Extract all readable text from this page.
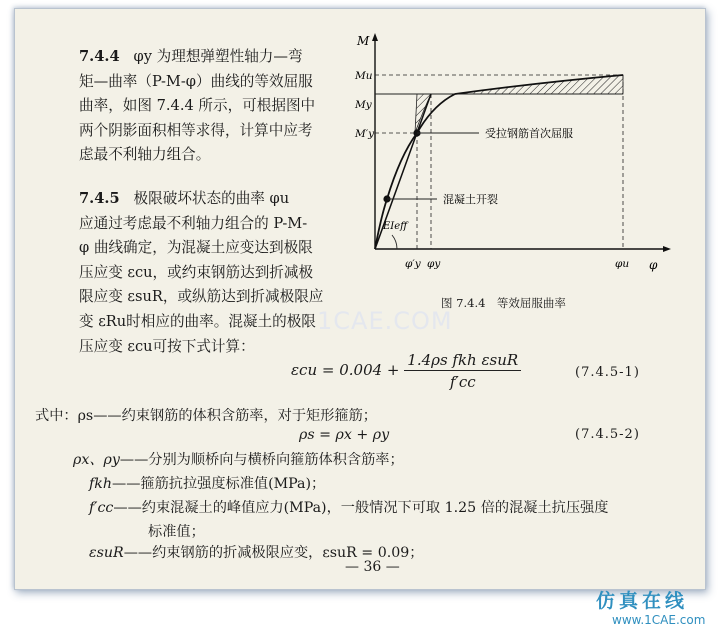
7.4.4 φy 为理想弹塑性轴力—弯
矩—曲率（P-M-φ）曲线的等效屈服
曲率，如图 7.4.4 所示，可根据图中
两个阴影面积相等求得，计算中应考
虑最不利轴力组合。
7.4.5 极限破坏状态的曲率 φu
应通过考虑最不利轴力组合的 P-M-
φ 曲线确定，为混凝土应变达到极限
压应变 εcu，或约束钢筋达到折减极
限应变 εsuR，或纵筋达到折减极限应
变 εRu时相应的曲率。混凝土的极限
压应变 εcu可按下式计算：
M
φ
Mu
My
M′y
φ′y φy	φu
EIeff
受拉钢筋首次屈服
混凝土开裂
图 7.4.4　等效屈服曲率
1CAE.COM
$\varepsilon cu = 0.004 + \frac{\text{1.4ρs fkh εsuR}}{f'cc}$	(7.4.5-1)
式中：ρs——约束钢筋的体积含筋率，对于矩形箍筋；
ρs = ρx + ρy	(7.4.5-2)
ρx、ρy——分别为顺桥向与横桥向箍筋体积含筋率；
fkh——箍筋抗拉强度标准值(MPa)；
f′cc——约束混凝土的峰值应力(MPa)，一般情况下可取 1.25 倍的混凝土抗压强度
标准值；
εsuR——约束钢筋的折减极限应变，εsuR = 0.09；
— 36 —
仿真在线
www.1CAE.com
